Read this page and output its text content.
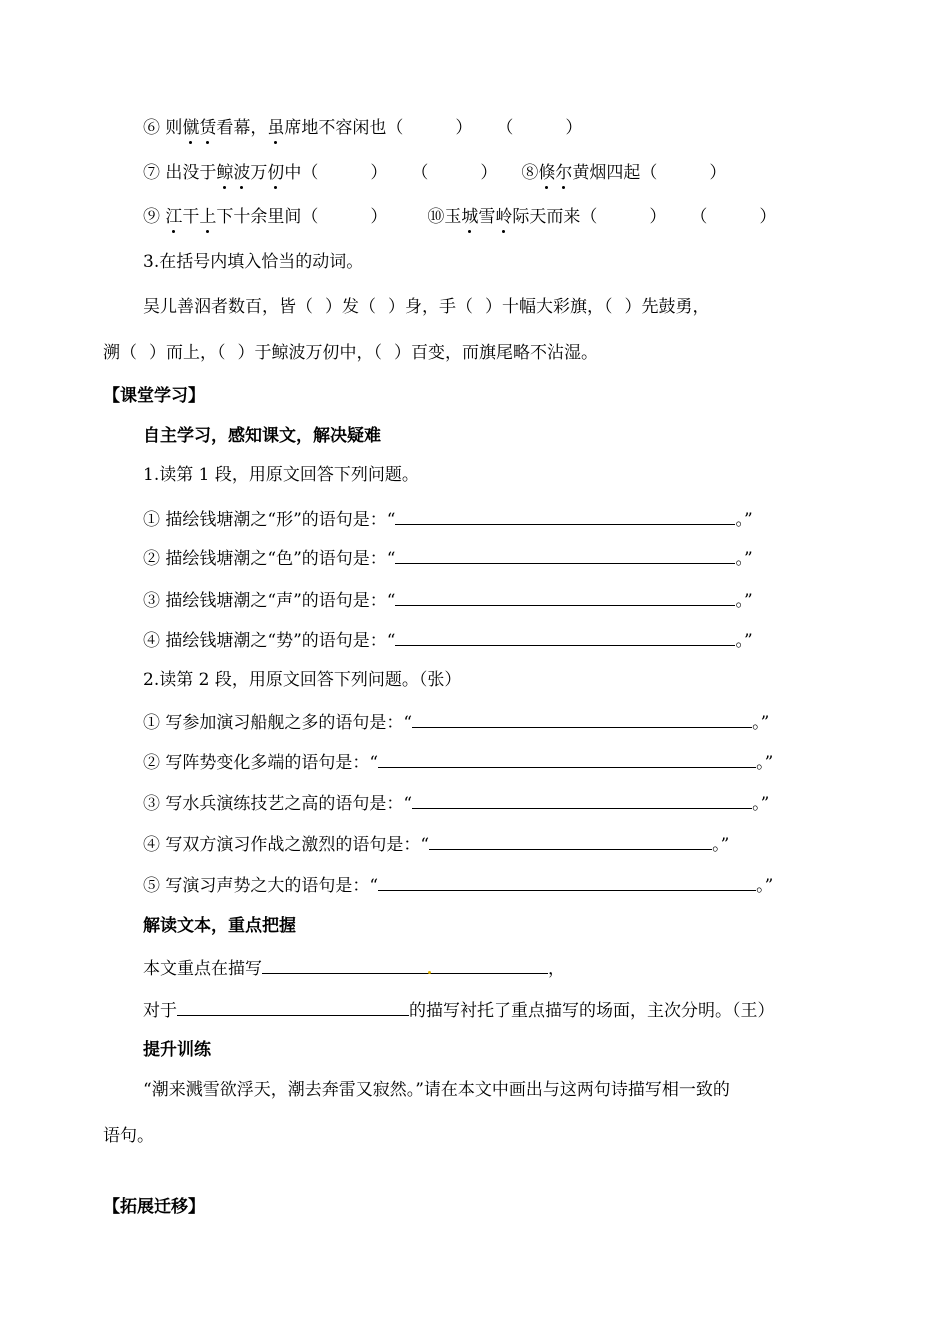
⑥ 则僦赁看幕，虽席地不容闲也（	） （	）
⑦ 出没于鲸波万仞中（	） （	） ⑧倏尔黄烟四起（	）
⑨ 江干上下十余里间（	） ⑩玉城雪岭际天而来（	） （	）
3.在括号内填入恰当的动词。
吴儿善泅者数百，皆（ ）发（ ）身，手（ ）十幅大彩旗，（ ）先鼓勇，
溯（ ）而上，（ ）于鲸波万仞中，（ ）百变，而旗尾略不沾湿。
【课堂学习】
自主学习，感知课文，解决疑难
1.读第 1 段，用原文回答下列问题。
① 描绘钱塘潮之“形”的语句是：“	。”
② 描绘钱塘潮之“色”的语句是：“	。”
③ 描绘钱塘潮之“声”的语句是：“	。”
④ 描绘钱塘潮之“势”的语句是：“	。”
2.读第 2 段，用原文回答下列问题。（张）
① 写参加演习船舰之多的语句是：“	。”
② 写阵势变化多端的语句是：“	。”
③ 写水兵演练技艺之高的语句是：“	。”
④ 写双方演习作战之激烈的语句是：“	。”
⑤ 写演习声势之大的语句是：“	。”
解读文本，重点把握
本文重点在描写	，
对于	的描写衬托了重点描写的场面，主次分明。（王）
提升训练
“潮来溅雪欲浮天，潮去奔雷又寂然。”请在本文中画出与这两句诗描写相一致的
语句。
【拓展迁移】
